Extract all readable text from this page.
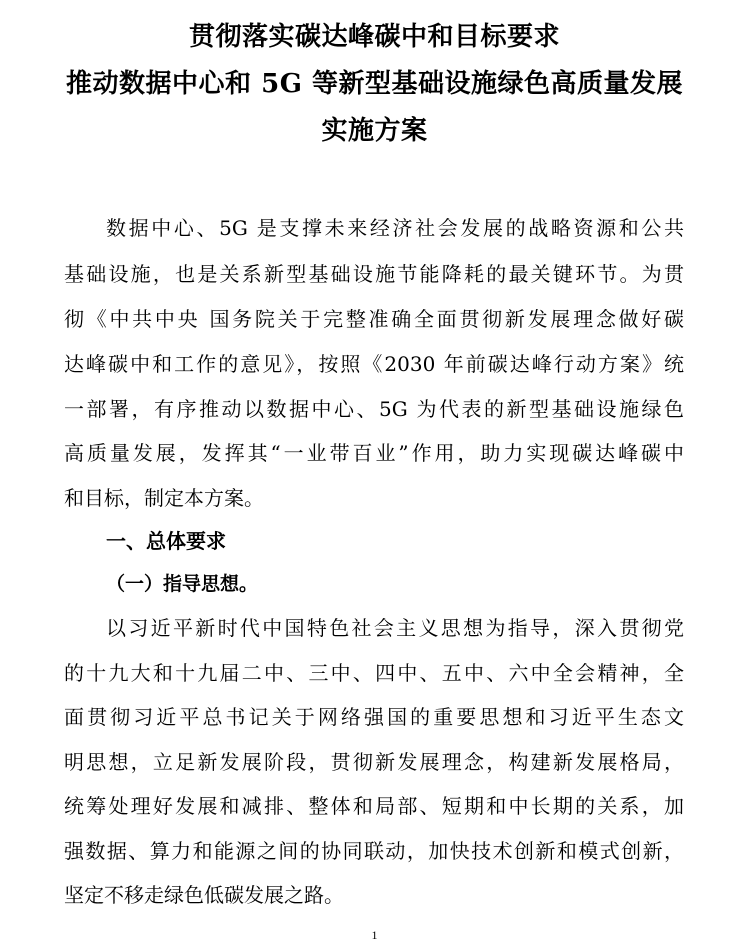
贯彻落实碳达峰碳中和目标要求
推动数据中心和 5G 等新型基础设施绿色高质量发展
实施方案
数据中心、5G 是支撑未来经济社会发展的战略资源和公共
基础设施，也是关系新型基础设施节能降耗的最关键环节。为贯
彻《中共中央 国务院关于完整准确全面贯彻新发展理念做好碳
达峰碳中和工作的意见》，按照《2030 年前碳达峰行动方案》统
一部署，有序推动以数据中心、5G 为代表的新型基础设施绿色
高质量发展，发挥其“一业带百业”作用，助力实现碳达峰碳中
和目标，制定本方案。
一、总体要求
（一）指导思想。
以习近平新时代中国特色社会主义思想为指导，深入贯彻党
的十九大和十九届二中、三中、四中、五中、六中全会精神，全
面贯彻习近平总书记关于网络强国的重要思想和习近平生态文
明思想，立足新发展阶段，贯彻新发展理念，构建新发展格局，
统筹处理好发展和减排、整体和局部、短期和中长期的关系，加
强数据、算力和能源之间的协同联动，加快技术创新和模式创新，
坚定不移走绿色低碳发展之路。
1
